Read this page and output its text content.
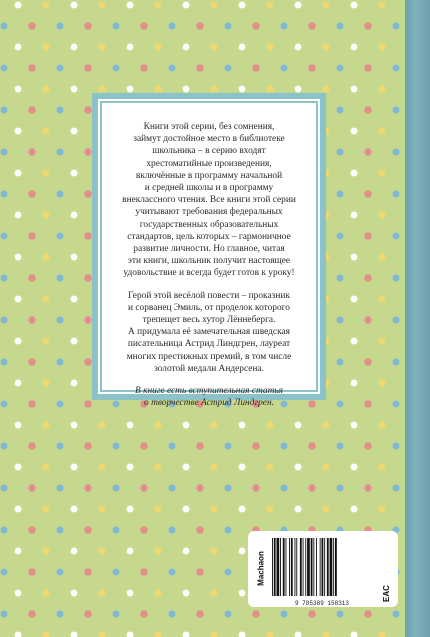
Книги этой серии, без сомнения,
займут достойное место в библиотеке
школьника – в серию входят
хрестоматийные произведения,
включённые в программу начальной
и средней школы и в программу
внеклассного чтения. Все книги этой серии
учитывают требования федеральных
государственных образовательных
стандартов, цель которых – гармоничное
развитие личности. Но главное, читая
эти книги, школьник получит настоящее
удовольствие и всегда будет готов к уроку!

Герой этой весёлой повести – проказник
и сорванец Эмиль, от проделок которого
трепещет весь хутор Лённеберга.
А придумала её замечательная шведская
писательница Астрид Линдгрен, лауреат
многих престижных премий, в том числе
золотой медали Андерсена.

В книге есть вступительная статья
о творчестве Астрид Линдгрен.

Machaon
9 785389 158313
EAC
